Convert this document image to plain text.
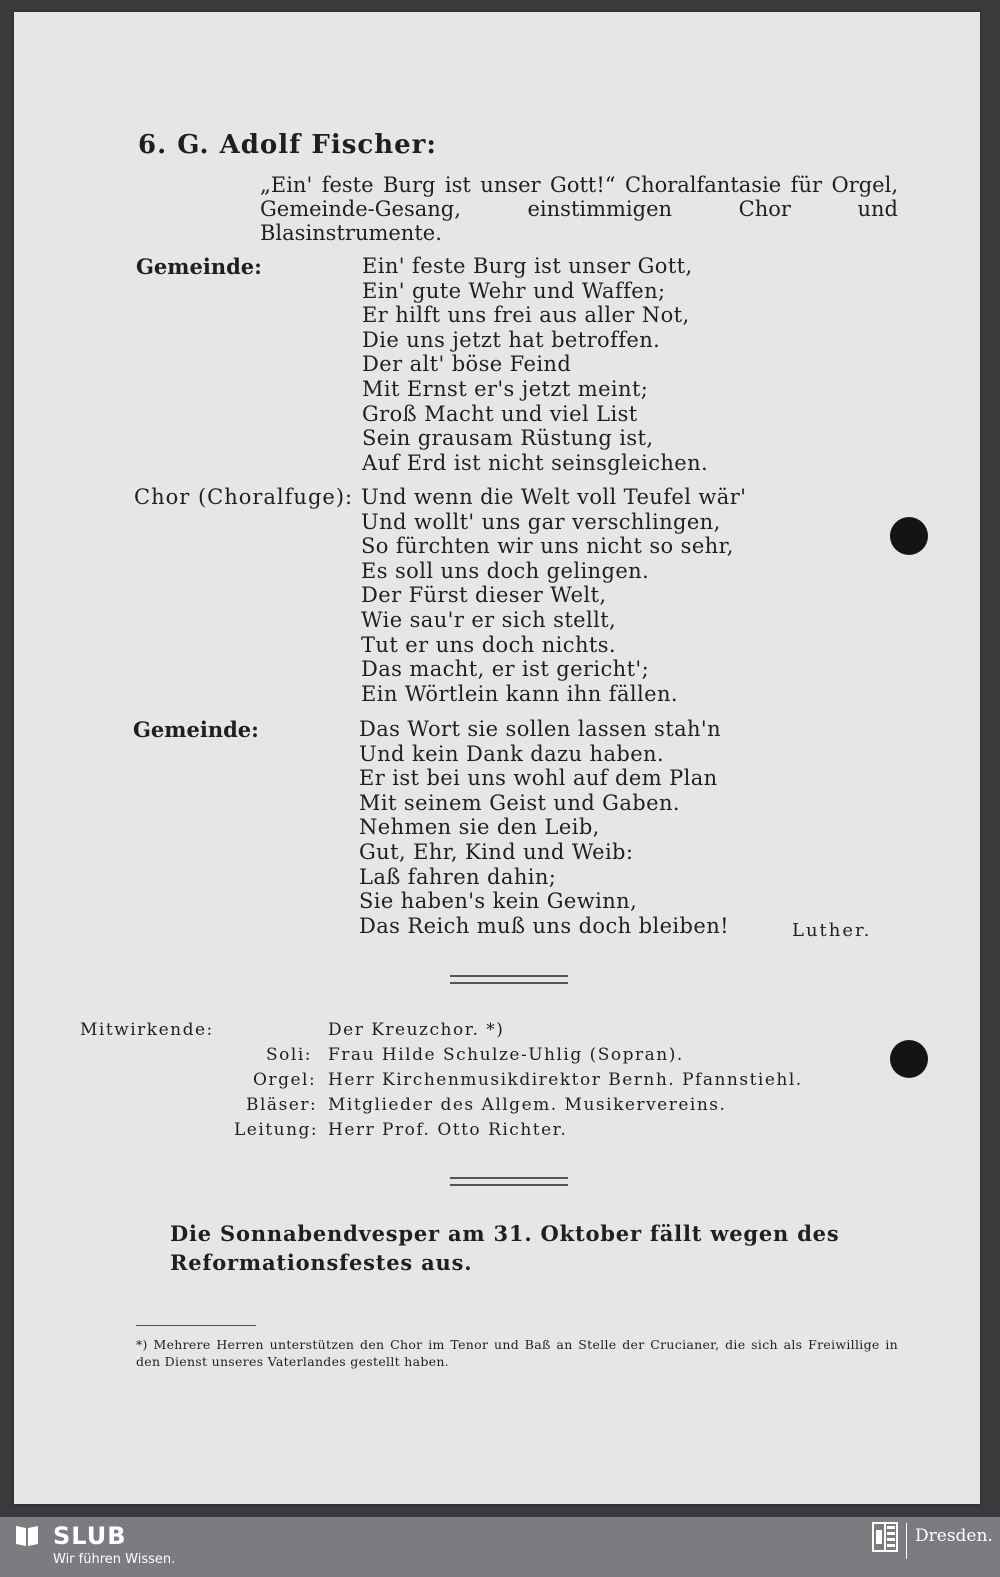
6. G. Adolf Fischer:
„Ein' feste Burg ist unser Gott!“ Choralfantasie für Orgel, Gemeinde-Gesang, einstimmigen Chor und Blasinstrumente.
Gemeinde:	Ein' feste Burg ist unser Gott,
Ein' gute Wehr und Waffen;
Er hilft uns frei aus aller Not,
Die uns jetzt hat betroffen.
Der alt' böse Feind
Mit Ernst er's jetzt meint;
Groß Macht und viel List
Sein grausam Rüstung ist,
Auf Erd ist nicht seinsgleichen.
Chor (Choralfuge): Und wenn die Welt voll Teufel wär'
Und wollt' uns gar verschlingen,
So fürchten wir uns nicht so sehr,
Es soll uns doch gelingen.
Der Fürst dieser Welt,
Wie sau'r er sich stellt,
Tut er uns doch nichts.
Das macht, er ist gericht';
Ein Wörtlein kann ihn fällen.
Gemeinde:	Das Wort sie sollen lassen stah'n
Und kein Dank dazu haben.
Er ist bei uns wohl auf dem Plan
Mit seinem Geist und Gaben.
Nehmen sie den Leib,
Gut, Ehr, Kind und Weib:
Laß fahren dahin;
Sie haben's kein Gewinn,
Das Reich muß uns doch bleiben!	Luther.
Mitwirkende:	Der Kreuzchor. *)
Soli: Frau Hilde Schulze-Uhlig (Sopran).
Orgel: Herr Kirchenmusikdirektor Bernh. Pfannstiehl.
Bläser: Mitglieder des Allgem. Musikervereins.
Leitung: Herr Prof. Otto Richter.
Die Sonnabendvesper am 31. Oktober fällt wegen des Reformationsfestes aus.
*) Mehrere Herren unterstützen den Chor im Tenor und Baß an Stelle der Crucianer, die sich als Freiwillige in den Dienst unseres Vaterlandes gestellt haben.
SLUB
Wir führen Wissen.
Dresden.
